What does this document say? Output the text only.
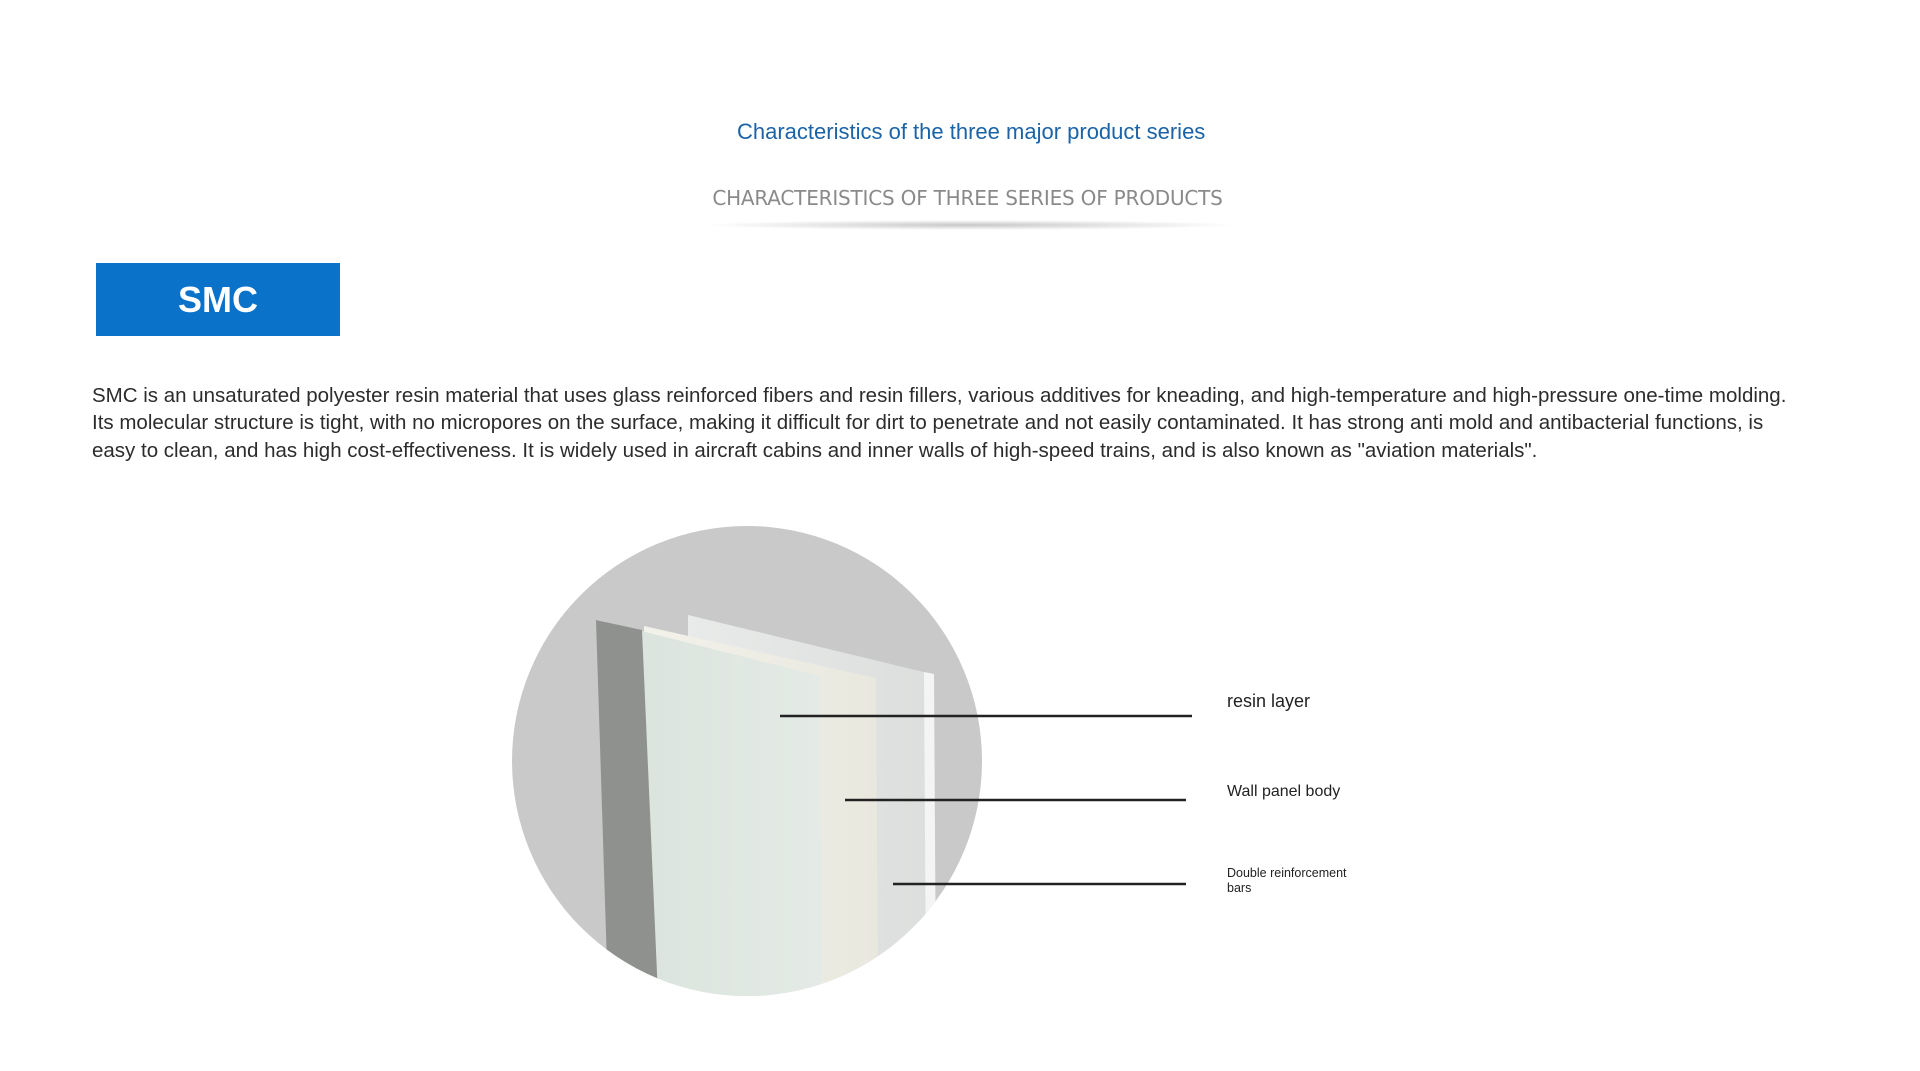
Characteristics of the three major product series
CHARACTERISTICS OF THREE SERIES OF PRODUCTS
SMC
SMC is an unsaturated polyester resin material that uses glass reinforced fibers and resin fillers, various additives for kneading, and high-temperature and high-pressure one-time molding. Its molecular structure is tight, with no micropores on the surface, making it difficult for dirt to penetrate and not easily contaminated. It has strong anti mold and antibacterial functions, is easy to clean, and has high cost-effectiveness. It is widely used in aircraft cabins and inner walls of high-speed trains, and is also known as "aviation materials".
resin layer
Wall panel body
Double reinforcement bars
